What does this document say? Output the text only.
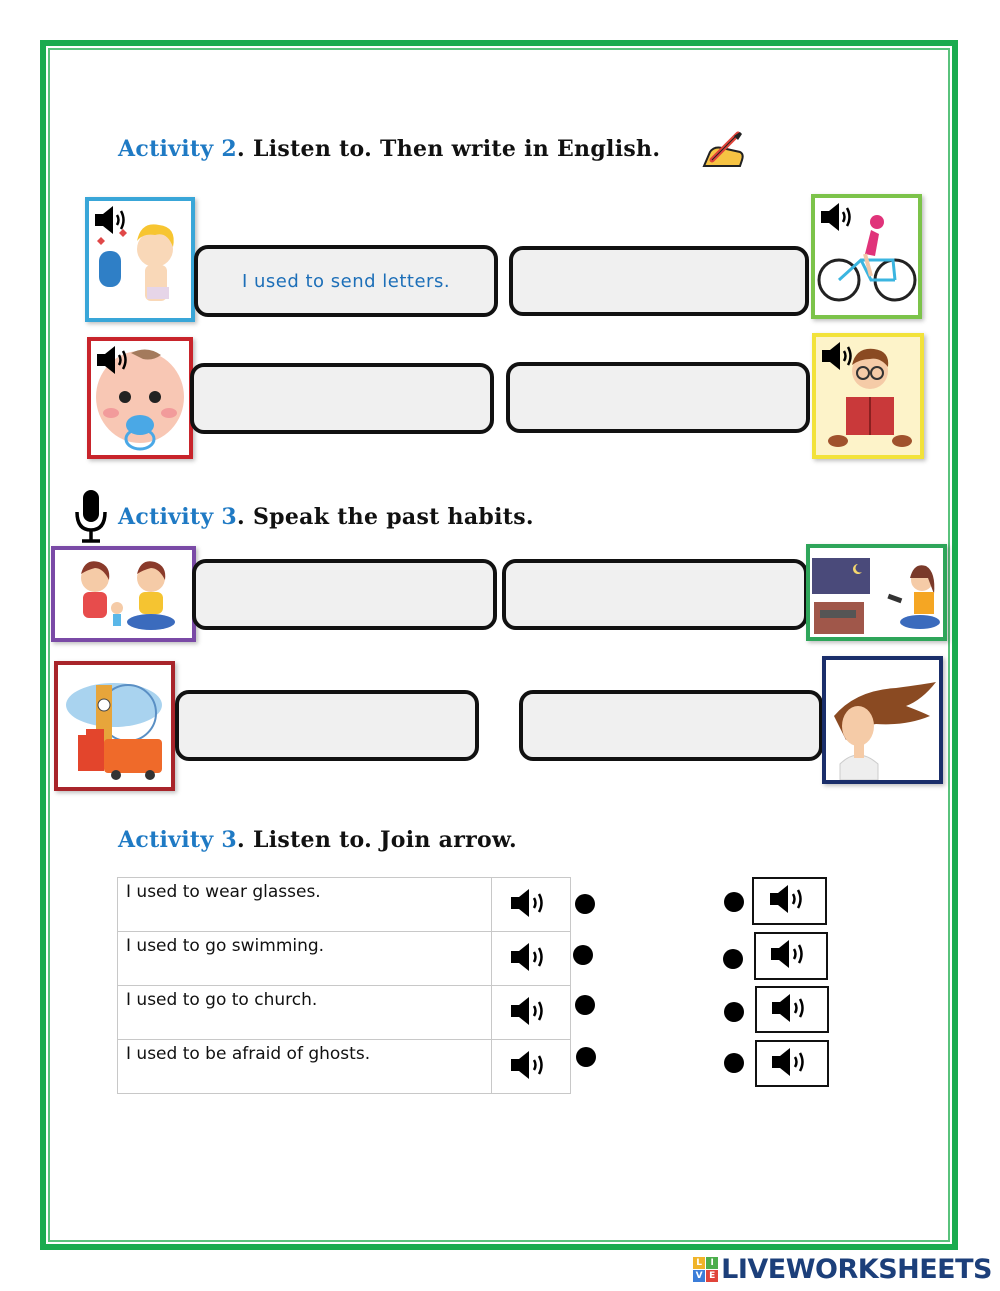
Activity 2. Listen to. Then write in English.
I used to send letters.
Activity 3. Speak the past habits.
Activity 3. Listen to. Join arrow.
I used to wear glasses.	
I used to go swimming.	
I used to go to church.	
I used to be afraid of ghosts.	
L I
V E LIVEWORKSHEETS
